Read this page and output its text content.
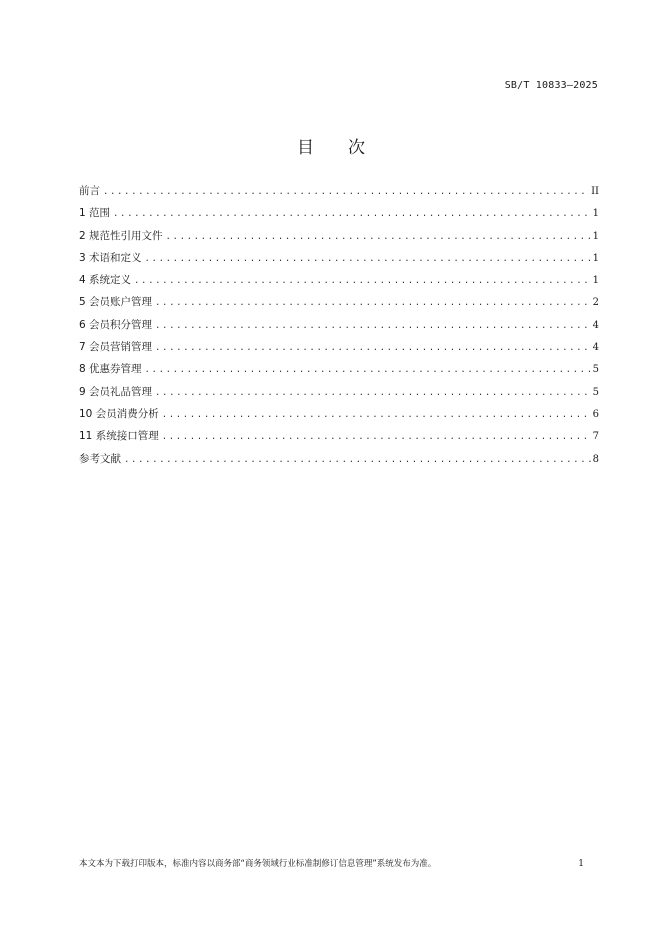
SB/T 10833—2025
目 次
前言 .....	II
1 范围 .....	1
2 规范性引用文件 .....	1
3 术语和定义 .....	1
4 系统定义 .....	1
5 会员账户管理 .....	2
6 会员积分管理 .....	4
7 会员营销管理 .....	4
8 优惠券管理 .....	5
9 会员礼品管理 .....	5
10 会员消费分析 .....	6
11 系统接口管理 .....	7
参考文献 .....	8
本文本为下载打印版本，标准内容以商务部“商务领域行业标准制修订信息管理”系统发布为准。	1
